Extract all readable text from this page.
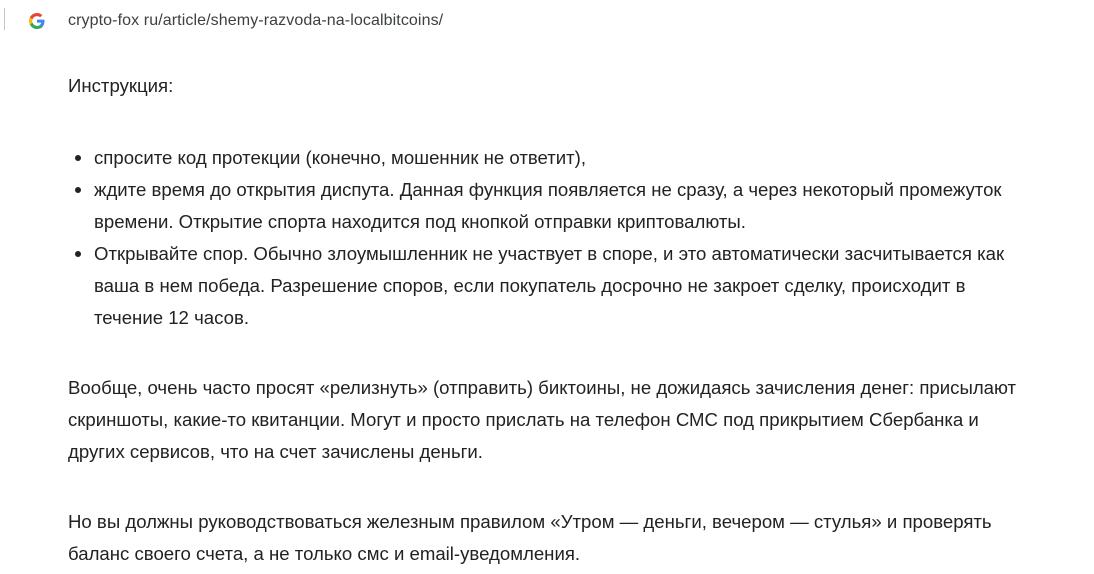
crypto-fox ru/article/shemy-razvoda-na-localbitcoins/

Инструкция:

спросите код протекции (конечно, мошенник не ответит),
ждите время до открытия диспута. Данная функция появляется не сразу, а через некоторый промежуток времени. Открытие спорта находится под кнопкой отправки криптовалюты.
Открывайте спор. Обычно злоумышленник не участвует в споре, и это автоматически засчитывается как ваша в нем победа. Разрешение споров, если покупатель досрочно не закроет сделку, происходит в течение 12 часов.

Вообще, очень часто просят «релизнуть» (отправить) биктоины, не дожидаясь зачисления денег: присылают скриншоты, какие-то квитанции. Могут и просто прислать на телефон СМС под прикрытием Сбербанка и других сервисов, что на счет зачислены деньги.

Но вы должны руководствоваться железным правилом «Утром — деньги, вечером — стулья» и проверять баланс своего счета, а не только смс и email-уведомления.
